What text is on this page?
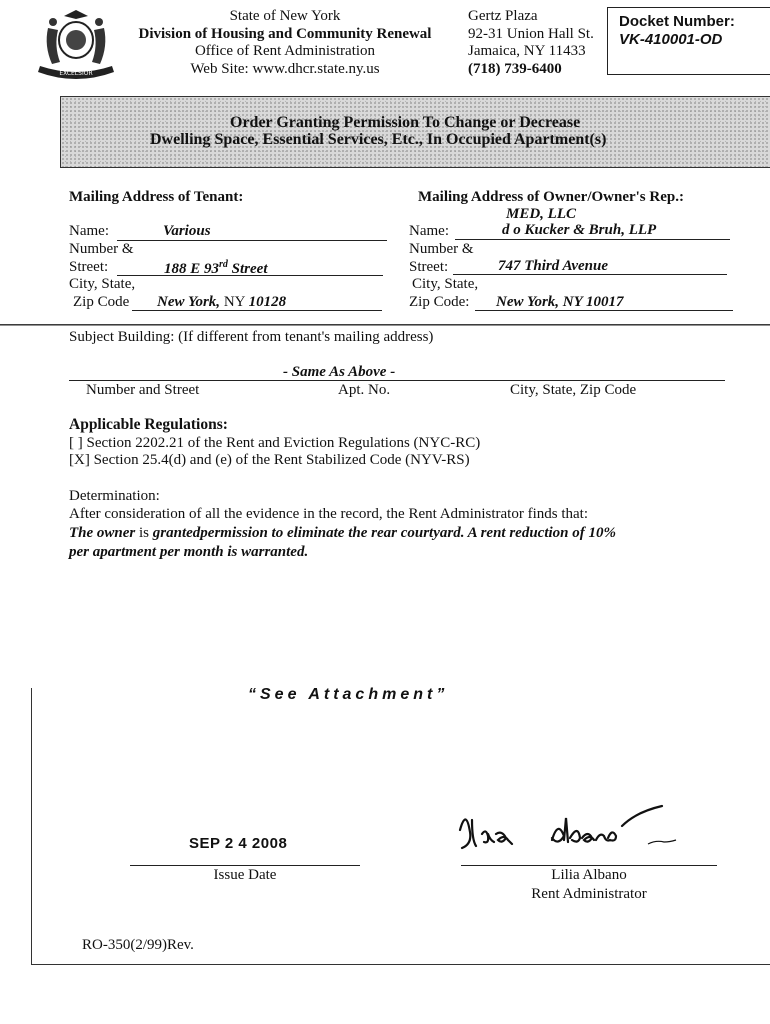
EXCELSIOR
State of New York
Division of Housing and Community Renewal
Office of Rent Administration
Web Site: www.dhcr.state.ny.us
Gertz Plaza
92-31 Union Hall St.
Jamaica, NY 11433
(718) 739-6400
Docket Number:
VK-410001-OD
Order Granting Permission To Change or Decrease
Dwelling Space, Essential Services, Etc., In Occupied Apartment(s)
Mailing Address of Tenant:
Name:	Various
Number &
Street:	188 E 93rd Street
City, State,
Zip Code New York, NY 10128
Mailing Address of Owner/Owner's Rep.:
MED, LLC
Name:	d o Kucker & Bruh, LLP
Number &
Street:	747 Third Avenue
City, State,
Zip Code: New York, NY 10017
Subject Building: (If different from tenant's mailing address)
- Same As Above -
Number and Street	Apt. No.	City, State, Zip Code
Applicable Regulations:
[ ] Section 2202.21 of the Rent and Eviction Regulations (NYC-RC)
[X] Section 25.4(d) and (e) of the Rent Stabilized Code (NYV-RS)
Determination:
After consideration of all the evidence in the record, the Rent Administrator finds that:
The owner is grantedpermission to eliminate the rear courtyard. A rent reduction of 10%
per apartment per month is warranted.
“See Attachment”
SEP 2 4 2008
Issue Date	Lilia Albano
Rent Administrator
RO-350(2/99)Rev.
